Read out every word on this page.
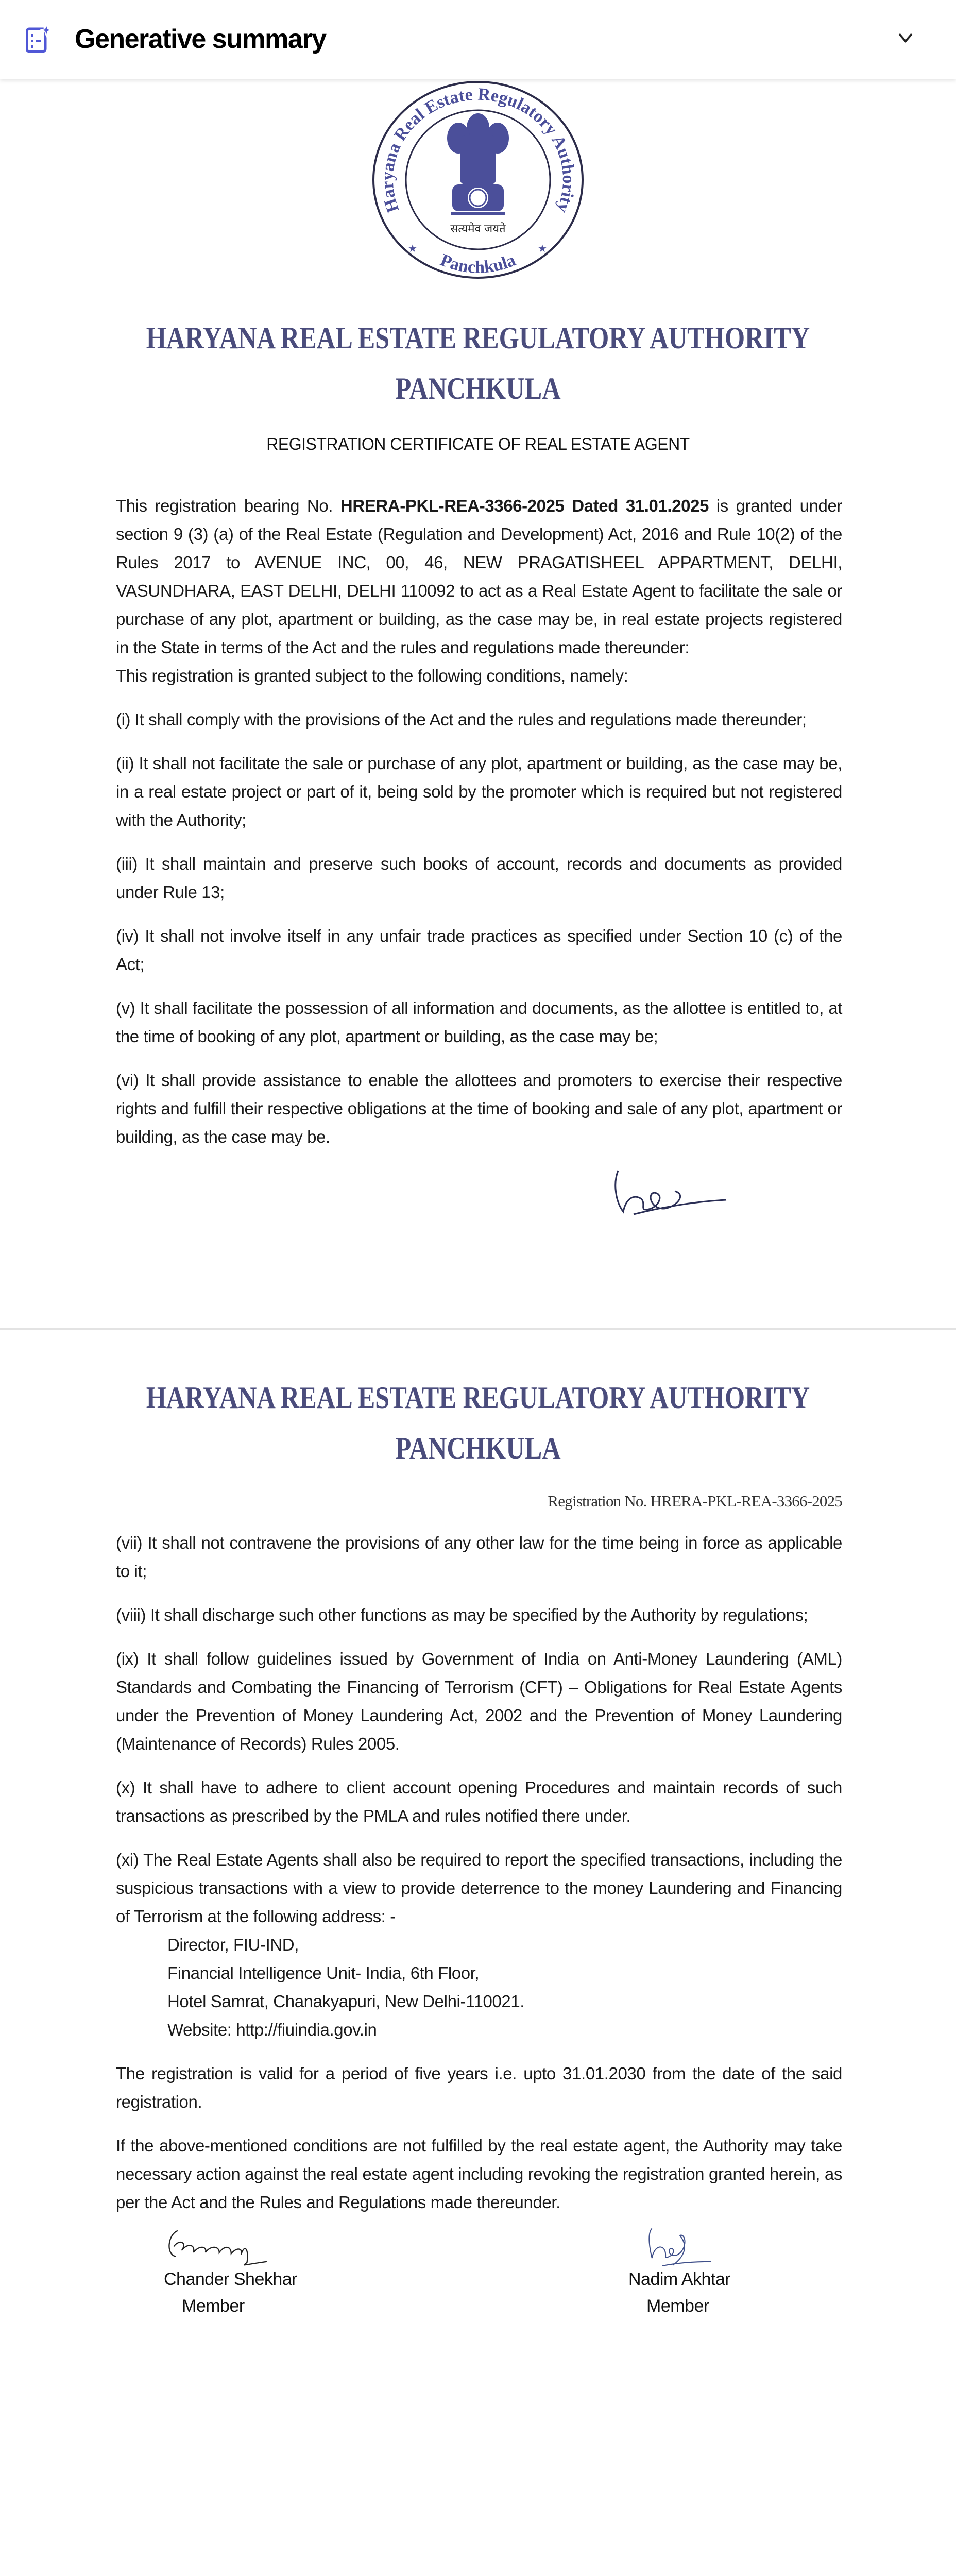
Generative summary
सत्यमेव जयते
★	★
Haryana Real Estate Regulatory Authority
Panchkula
HARYANA REAL ESTATE REGULATORY AUTHORITY
PANCHKULA
REGISTRATION CERTIFICATE OF REAL ESTATE AGENT
This registration bearing No. HRERA-PKL-REA-3366-2025 Dated 31.01.2025 is granted under section 9 (3) (a) of the Real Estate (Regulation and Development) Act, 2016 and Rule 10(2) of the Rules 2017 to AVENUE INC, 00, 46, NEW PRAGATISHEEL APPARTMENT, DELHI, VASUNDHARA, EAST DELHI, DELHI 110092 to act as a Real Estate Agent to facilitate the sale or purchase of any plot, apartment or building, as the case may be, in real estate projects registered in the State in terms of the Act and the rules and regulations made thereunder:
This registration is granted subject to the following conditions, namely:
(i) It shall comply with the provisions of the Act and the rules and regulations made thereunder;
(ii) It shall not facilitate the sale or purchase of any plot, apartment or building, as the case may be, in a real estate project or part of it, being sold by the promoter which is required but not registered with the Authority;
(iii) It shall maintain and preserve such books of account, records and documents as provided under Rule 13;
(iv) It shall not involve itself in any unfair trade practices as specified under Section 10 (c) of the Act;
(v) It shall facilitate the possession of all information and documents, as the allottee is entitled to, at the time of booking of any plot, apartment or building, as the case may be;
(vi) It shall provide assistance to enable the allottees and promoters to exercise their respective rights and fulfill their respective obligations at the time of booking and sale of any plot, apartment or building, as the case may be.
HARYANA REAL ESTATE REGULATORY AUTHORITY
PANCHKULA
Registration No. HRERA-PKL-REA-3366-2025
(vii) It shall not contravene the provisions of any other law for the time being in force as applicable to it;
(viii) It shall discharge such other functions as may be specified by the Authority by regulations;
(ix) It shall follow guidelines issued by Government of India on Anti-Money Laundering (AML) Standards and Combating the Financing of Terrorism (CFT) – Obligations for Real Estate Agents under the Prevention of Money Laundering Act, 2002 and the Prevention of Money Laundering (Maintenance of Records) Rules 2005.
(x) It shall have to adhere to client account opening Procedures and maintain records of such transactions as prescribed by the PMLA and rules notified there under.
(xi) The Real Estate Agents shall also be required to report the specified transactions, including the suspicious transactions with a view to provide deterrence to the money Laundering and Financing of Terrorism at the following address: -
Director, FIU-IND,
Financial Intelligence Unit- India, 6th Floor,
Hotel Samrat, Chanakyapuri, New Delhi-110021.
Website: http://fiuindia.gov.in
The registration is valid for a period of five years i.e. upto 31.01.2030 from the date of the said registration.
If the above-mentioned conditions are not fulfilled by the real estate agent, the Authority may take necessary action against the real estate agent including revoking the registration granted herein, as per the Act and the Rules and Regulations made thereunder.
Chander Shekhar
Member
Nadim Akhtar
Member
